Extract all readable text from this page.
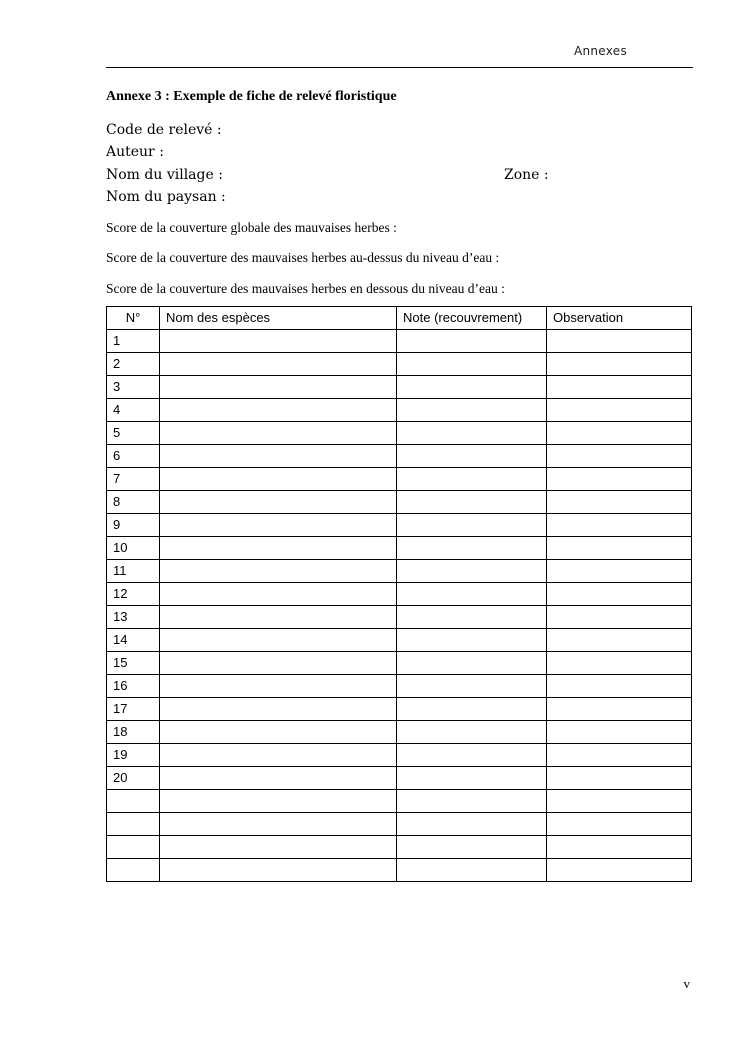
Annexes
Annexe 3 : Exemple de fiche de relevé floristique
Code de relevé :
Auteur :
Nom du village :	Zone :
Nom du paysan :
Score de la couverture globale des mauvaises herbes :
Score de la couverture des mauvaises herbes au-dessus du niveau d’eau :
Score de la couverture des mauvaises herbes en dessous du niveau d’eau :
N°	Nom des espèces	Note (recouvrement)	Observation
1			
2			
3			
4			
5			
6			
7			
8			
9			
10			
11			
12			
13			
14			
15			
16			
17			
18			
19			
20			

v
